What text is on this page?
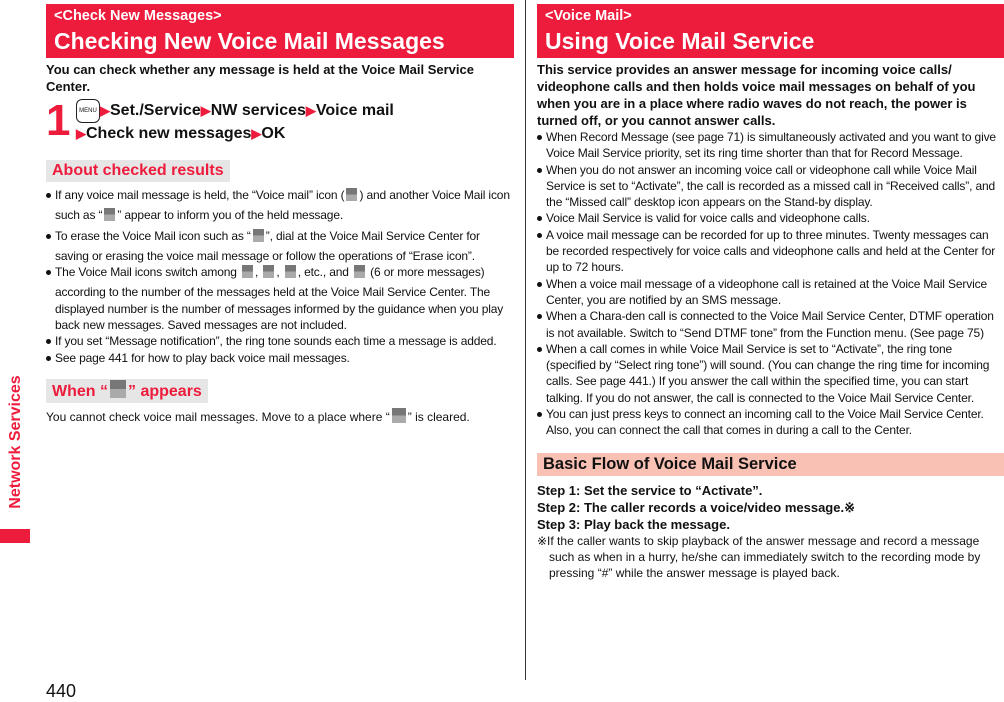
Network Services
440
<Check New Messages>
Checking New Voice Mail Messages
You can check whether any message is held at the Voice Mail Service Center.
1	MENU ▶Set./Service▶NW services▶Voice mail
▶Check new messages▶OK
About checked results
If any voice mail message is held, the “Voice mail” icon ( ) and another Voice Mail icon such as “ ” appear to inform you of the held message.
To erase the Voice Mail icon such as “ ”, dial at the Voice Mail Service Center for saving or erasing the voice mail message or follow the operations of “Erase icon”.
The Voice Mail icons switch among , , , etc., and  (6 or more messages) according to the number of the messages held at the Voice Mail Service Center. The displayed number is the number of messages informed by the guidance when you play back new messages. Saved messages are not included.
If you set “Message notification”, the ring tone sounds each time a message is added.
See page 441 for how to play back voice mail messages.
When “ ” appears

You cannot check voice mail messages. Move to a place where “ ” is cleared.

<Voice Mail>
Using Voice Mail Service
This service provides an answer message for incoming voice calls/ videophone calls and then holds voice mail messages on behalf of you when you are in a place where radio waves do not reach, the power is turned off, or you cannot answer calls.
When Record Message (see page 71) is simultaneously activated and you want to give Voice Mail Service priority, set its ring time shorter than that for Record Message.
When you do not answer an incoming voice call or videophone call while Voice Mail Service is set to “Activate”, the call is recorded as a missed call in “Received calls”, and the “Missed call” desktop icon appears on the Stand-by display.
Voice Mail Service is valid for voice calls and videophone calls.
A voice mail message can be recorded for up to three minutes. Twenty messages can be recorded respectively for voice calls and videophone calls and held at the Center for up to 72 hours.
When a voice mail message of a videophone call is retained at the Voice Mail Service Center, you are notified by an SMS message.
When a Chara-den call is connected to the Voice Mail Service Center, DTMF operation is not available. Switch to “Send DTMF tone” from the Function menu. (See page 75)
When a call comes in while Voice Mail Service is set to “Activate”, the ring tone (specified by “Select ring tone”) will sound. (You can change the ring time for incoming calls. See page 441.) If you answer the call within the specified time, you can start talking. If you do not answer, the call is connected to the Voice Mail Service Center.
You can just press keys to connect an incoming call to the Voice Mail Service Center. Also, you can connect the call that comes in during a call to the Center.
Basic Flow of Voice Mail Service
Step 1: Set the service to “Activate”.
Step 2: The caller records a voice/video message.※
Step 3: Play back the message.

※If the caller wants to skip playback of the answer message and record a message such as when in a hurry, he/she can immediately switch to the recording mode by pressing “#” while the answer message is played back.
